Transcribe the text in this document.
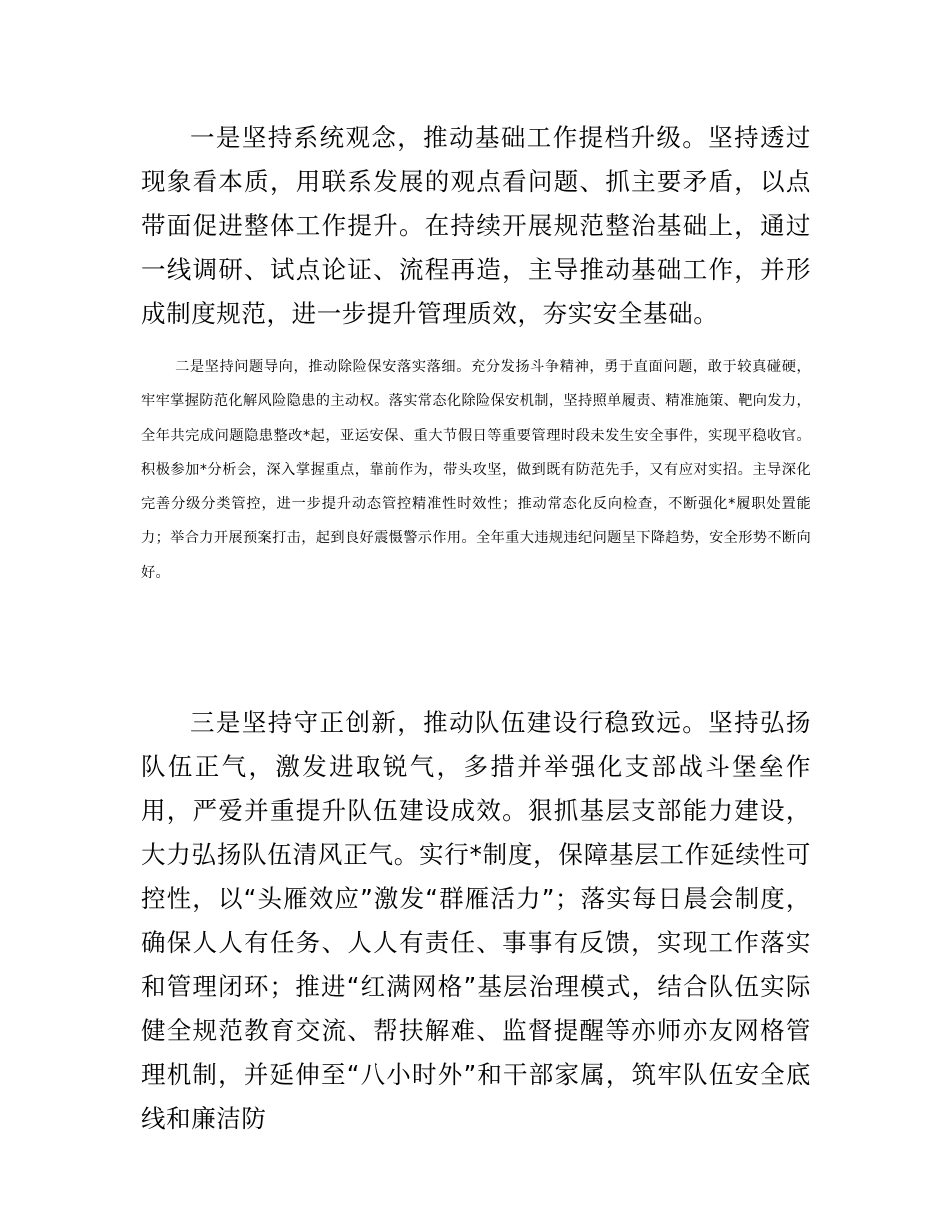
一是坚持系统观念，推动基础工作提档升级。坚持透过现象看本质，用联系发展的观点看问题、抓主要矛盾，以点带面促进整体工作提升。在持续开展规范整治基础上，通过一线调研、试点论证、流程再造，主导推动基础工作，并形成制度规范，进一步提升管理质效，夯实安全基础。

二是坚持问题导向，推动除险保安落实落细。充分发扬斗争精神，勇于直面问题，敢于较真碰硬，牢牢掌握防范化解风险隐患的主动权。落实常态化除险保安机制，坚持照单履责、精准施策、靶向发力，全年共完成问题隐患整改*起，亚运安保、重大节假日等重要管理时段未发生安全事件，实现平稳收官。积极参加*分析会，深入掌握重点，靠前作为，带头攻坚，做到既有防范先手，又有应对实招。主导深化完善分级分类管控，进一步提升动态管控精准性时效性；推动常态化反向检查，不断强化*履职处置能力；举合力开展预案打击，起到良好震慑警示作用。全年重大违规违纪问题呈下降趋势，安全形势不断向好。

三是坚持守正创新，推动队伍建设行稳致远。坚持弘扬队伍正气，激发进取锐气，多措并举强化支部战斗堡垒作用，严爱并重提升队伍建设成效。狠抓基层支部能力建设，大力弘扬队伍清风正气。实行*制度，保障基层工作延续性可控性，以“头雁效应”激发“群雁活力”；落实每日晨会制度，确保人人有任务、人人有责任、事事有反馈，实现工作落实和管理闭环；推进“红满网格”基层治理模式，结合队伍实际健全规范教育交流、帮扶解难、监督提醒等亦师亦友网格管理机制，并延伸至“八小时外”和干部家属，筑牢队伍安全底线和廉洁防
